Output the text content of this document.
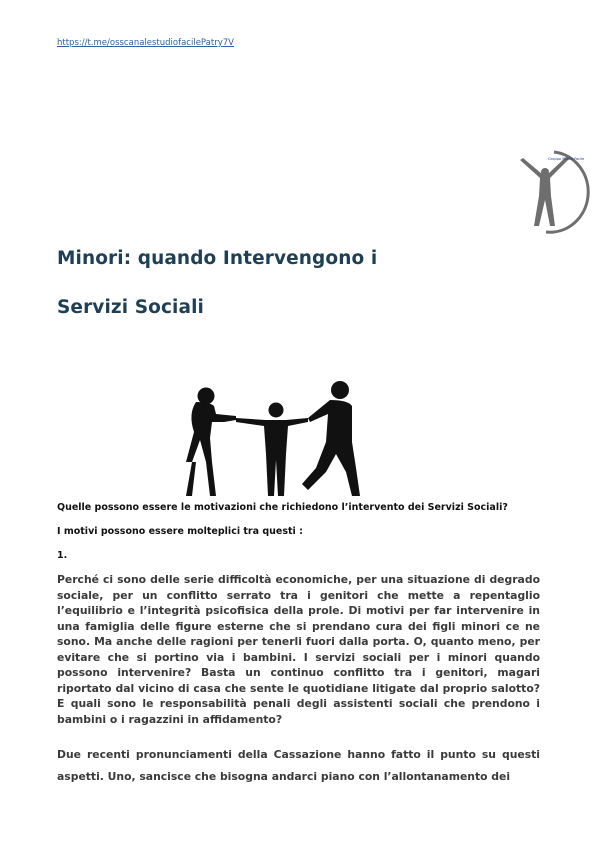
https://t.me/osscanalestudiofacilePatry7V
Gruppo Studio Facile
Minori: quando Intervengono i
Servizi Sociali

Quelle possono essere le motivazioni che richiedono l’intervento dei Servizi Sociali?

I motivi possono essere molteplici tra questi :

1.

Perché ci sono delle serie difficoltà economiche, per una situazione di degrado sociale, per un conflitto serrato tra i genitori che mette a repentaglio l’equilibrio e l’integrità psicofisica della prole. Di motivi per far intervenire in una famiglia delle figure esterne che si prendano cura dei figli minori ce ne sono. Ma anche delle ragioni per tenerli fuori dalla porta. O, quanto meno, per evitare che si portino via i bambini. I servizi sociali per i minori quando possono intervenire? Basta un continuo conflitto tra i genitori, magari riportato dal vicino di casa che sente le quotidiane litigate dal proprio salotto? E quali sono le responsabilità penali degli assistenti sociali che prendono i bambini o i ragazzini in affidamento?

Due recenti pronunciamenti della Cassazione hanno fatto il punto su questi aspetti. Uno, sancisce che bisogna andarci piano con l’allontanamento dei
